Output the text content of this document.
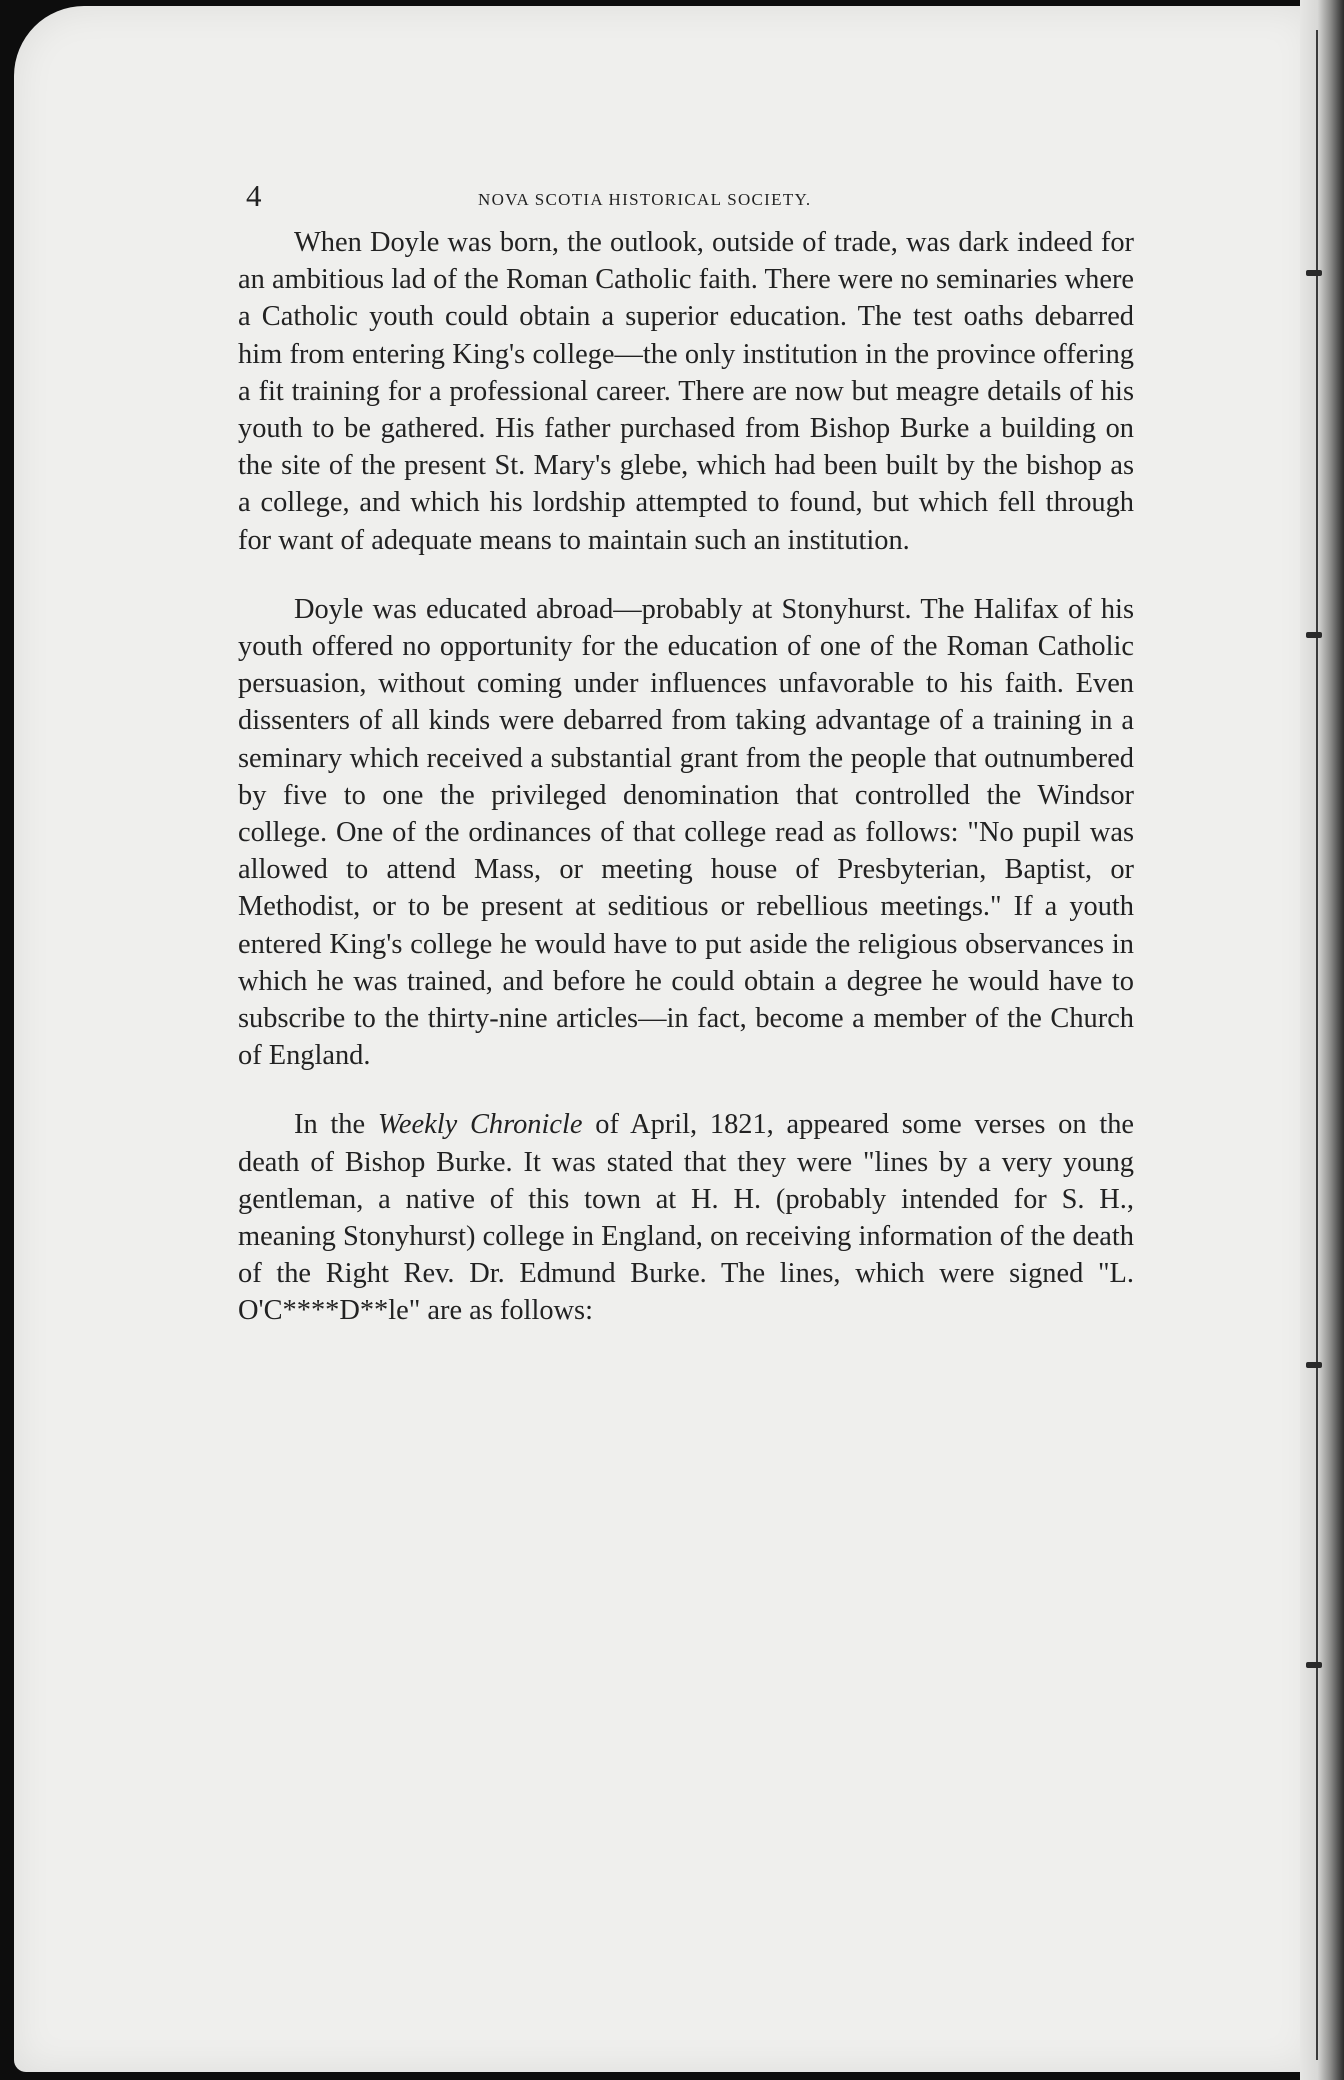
4	NOVA SCOTIA HISTORICAL SOCIETY.

When Doyle was born, the outlook, outside of trade, was dark indeed for an ambitious lad of the Roman Catholic faith. There were no seminaries where a Catholic youth could obtain a superior education. The test oaths debarred him from entering King's college—the only institution in the province offering a fit training for a professional career. There are now but meagre details of his youth to be gathered. His father purchased from Bishop Burke a building on the site of the present St. Mary's glebe, which had been built by the bishop as a college, and which his lordship attempted to found, but which fell through for want of adequate means to maintain such an institution.

Doyle was educated abroad—probably at Stonyhurst. The Halifax of his youth offered no opportunity for the education of one of the Roman Catholic persuasion, without coming under influences unfavorable to his faith. Even dissenters of all kinds were debarred from taking advantage of a training in a seminary which received a substantial grant from the people that outnumbered by five to one the privileged denomination that controlled the Windsor college. One of the ordinances of that college read as follows: "No pupil was allowed to attend Mass, or meeting house of Presbyterian, Baptist, or Methodist, or to be present at seditious or rebellious meetings." If a youth entered King's college he would have to put aside the religious observances in which he was trained, and before he could obtain a degree he would have to subscribe to the thirty-nine articles—in fact, become a member of the Church of England.

In the Weekly Chronicle of April, 1821, appeared some verses on the death of Bishop Burke. It was stated that they were "lines by a very young gentleman, a native of this town at H. H. (probably intended for S. H., meaning Stonyhurst) college in England, on receiving information of the death of the Right Rev. Dr. Edmund Burke. The lines, which were signed "L. O'C****D**le" are as follows:
